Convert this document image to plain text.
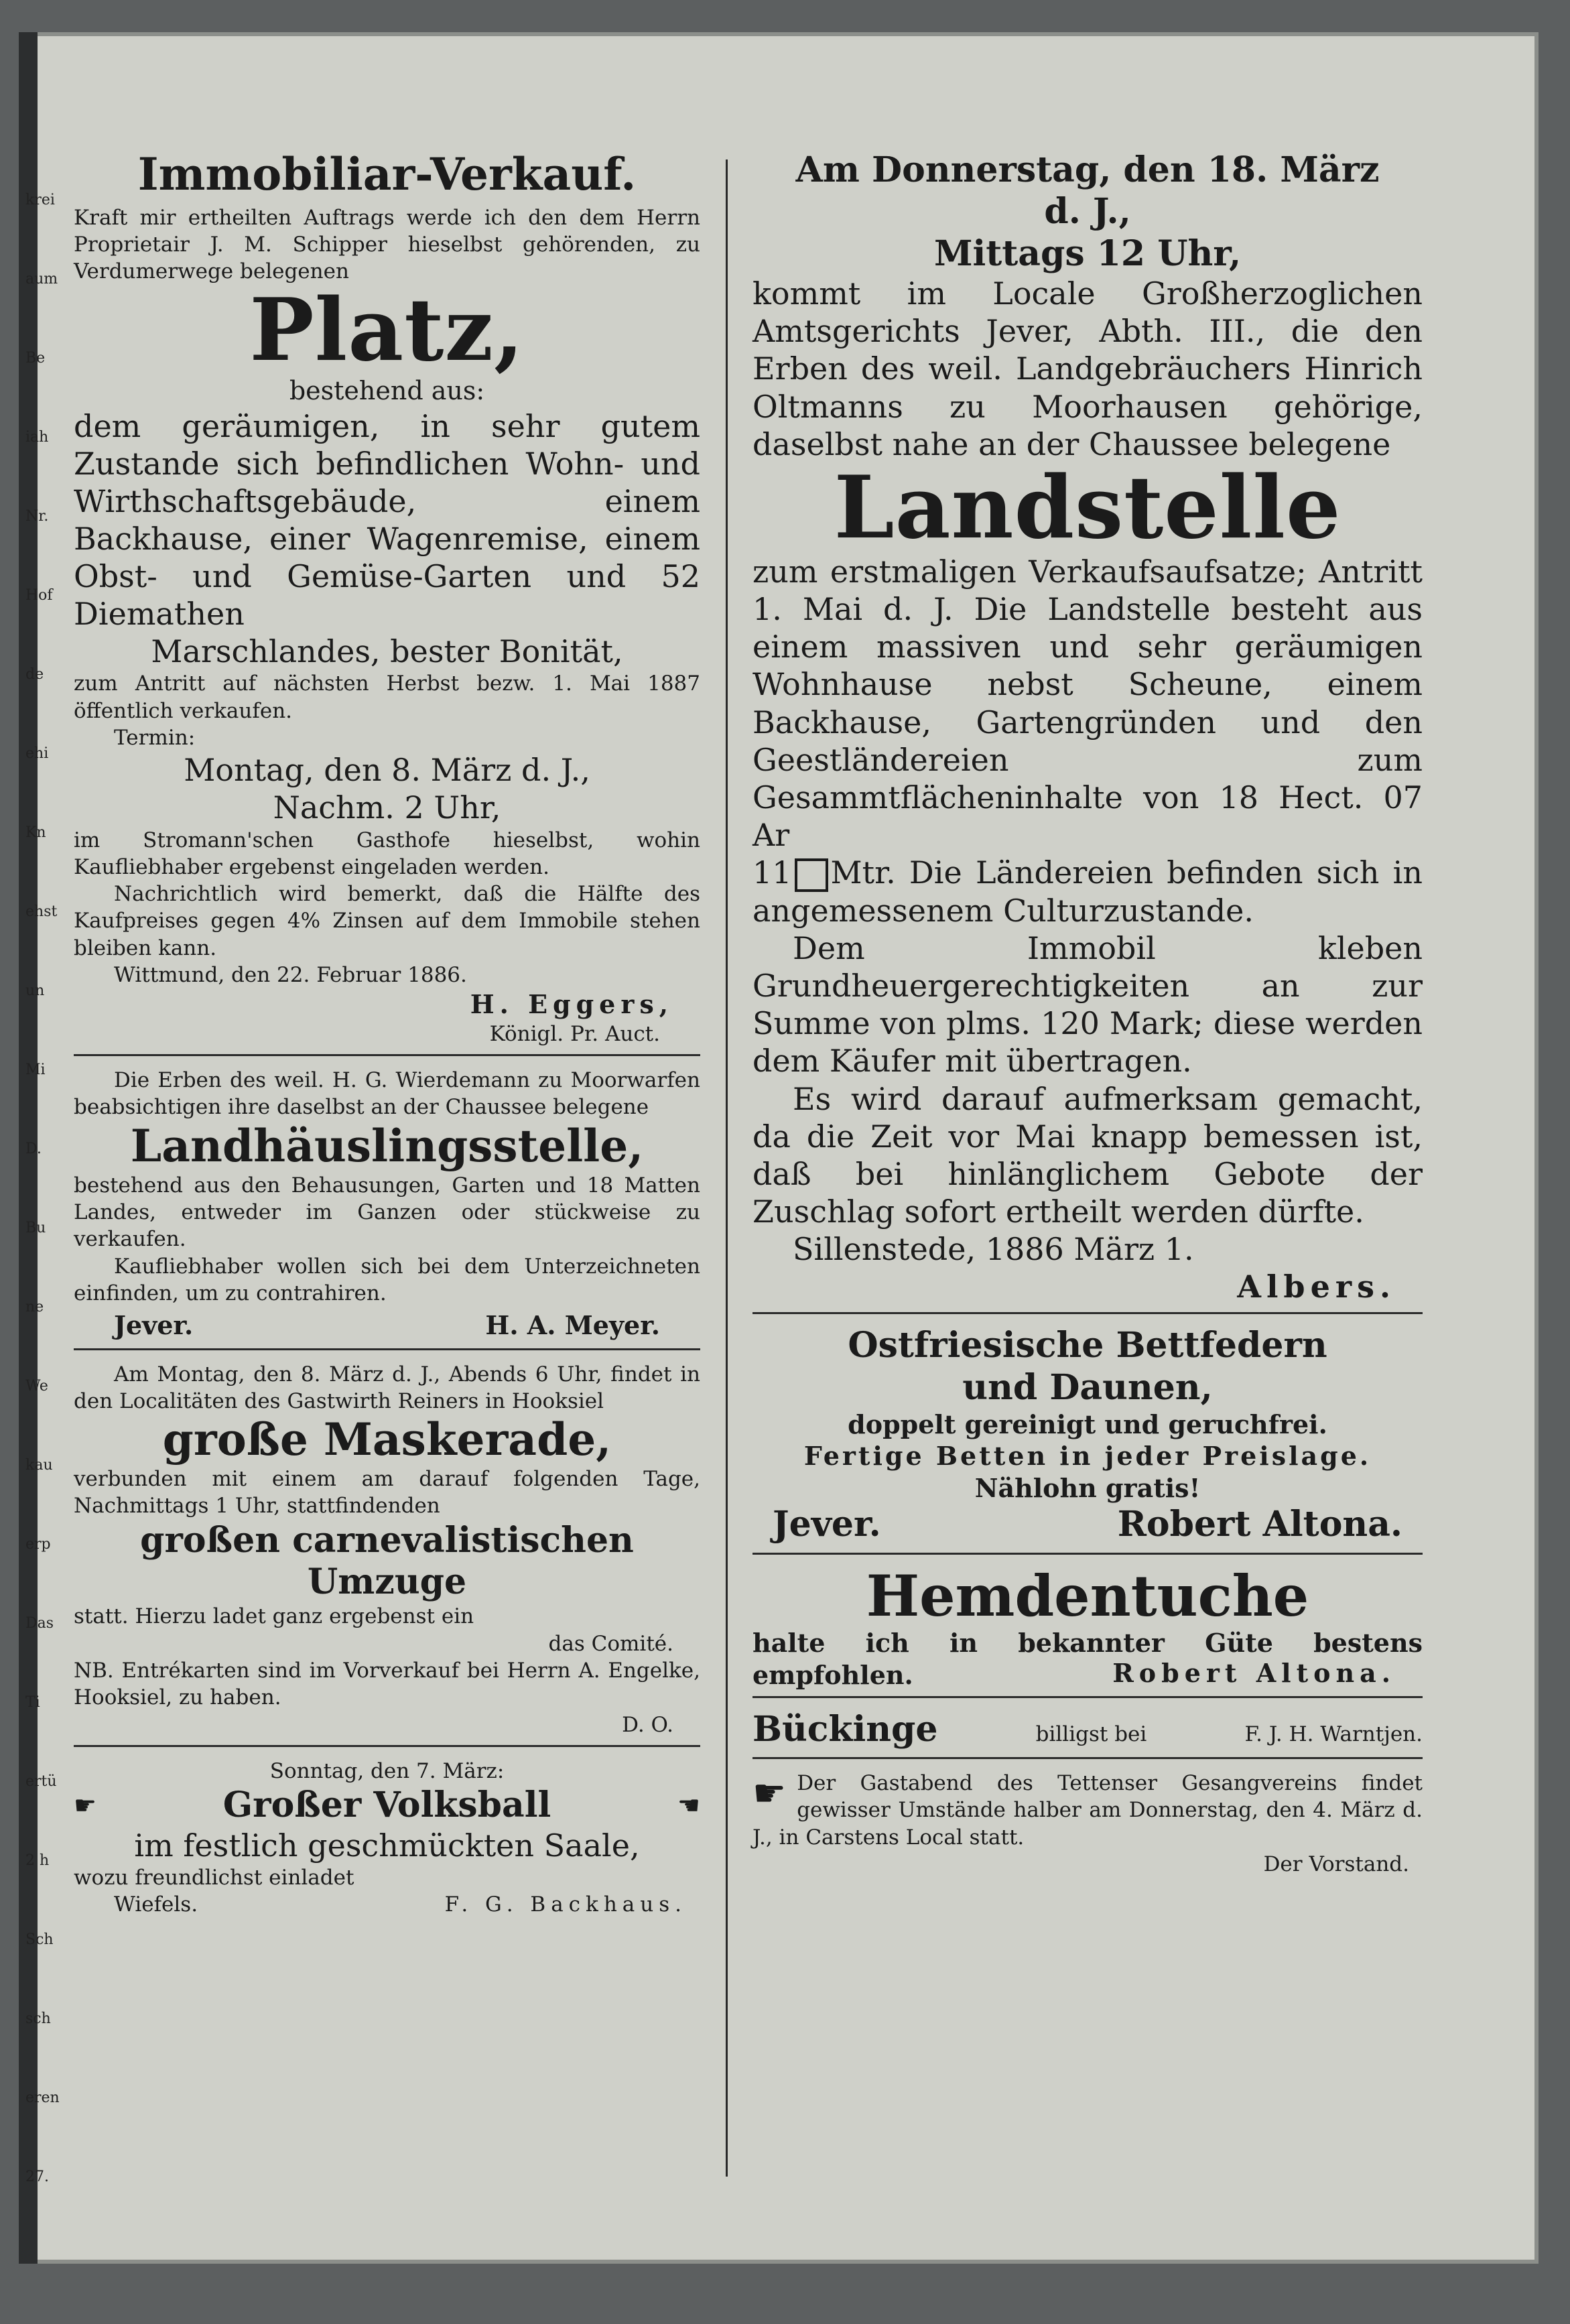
krei
aum
Be
iah
Nr.
Hof
de
ehi
Kn
ehst
un
Mi
D.
Bu
ne
We
kau
erp
Das
Ti
ertü
2 h
Sch
sch
eren
27.
Immobiliar-Verkauf.
Kraft mir ertheilten Auftrags werde ich den dem Herrn Proprietair J. M. Schipper hieselbst gehörenden, zu Verdumerwege belegenen
Platz,
bestehend aus:
dem geräumigen, in sehr gutem Zustande sich befindlichen Wohn- und Wirthschaftsgebäude, einem Backhause, einer Wagenremise, einem Obst- und Gemüse-Garten und 52 Diemathen
Marschlandes, bester Bonität,
zum Antritt auf nächsten Herbst bezw. 1. Mai 1887 öffentlich verkaufen.
Termin:
Montag, den 8. März d. J.,
Nachm. 2 Uhr,
im Stromann'schen Gasthofe hieselbst, wohin Kaufliebhaber ergebenst eingeladen werden.
Nachrichtlich wird bemerkt, daß die Hälfte des Kaufpreises gegen 4% Zinsen auf dem Immobile stehen bleiben kann.
Wittmund, den 22. Februar 1886.
H. Eggers,
Königl. Pr. Auct.
Die Erben des weil. H. G. Wierdemann zu Moorwarfen beabsichtigen ihre daselbst an der Chaussee belegene
Landhäuslingsstelle,
bestehend aus den Behausungen, Garten und 18 Matten Landes, entweder im Ganzen oder stückweise zu verkaufen.
Kaufliebhaber wollen sich bei dem Unterzeichneten einfinden, um zu contrahiren.
Jever.	H. A. Meyer.
Am Montag, den 8. März d. J., Abends 6 Uhr, findet in den Localitäten des Gastwirth Reiners in Hooksiel
große Maskerade,
verbunden mit einem am darauf folgenden Tage, Nachmittags 1 Uhr, stattfindenden
großen carnevalistischen
Umzuge
statt. Hierzu ladet ganz ergebenst ein
das Comité.
NB. Entrékarten sind im Vorverkauf bei Herrn A. Engelke, Hooksiel, zu haben.
D. O.
Sonntag, den 7. März:
☛	Großer Volksball	☚
im festlich geschmückten Saale,
wozu freundlichst einladet
Wiefels.	F. G. Backhaus.
Am Donnerstag, den 18. März
d. J.,
Mittags 12 Uhr,
kommt im Locale Großherzoglichen Amtsgerichts Jever, Abth. III., die den Erben des weil. Landgebräuchers Hinrich Oltmanns zu Moorhausen gehörige, daselbst nahe an der Chaussee belegene
Landstelle
zum erstmaligen Verkaufsaufsatze; Antritt 1. Mai d. J. Die Landstelle besteht aus einem massiven und sehr geräumigen Wohnhause nebst Scheune, einem Backhause, Gartengründen und den Geestländereien zum Gesammtflächeninhalte von 18 Hect. 07 Ar
11 Mtr. Die Ländereien befinden sich in angemessenem Culturzustande.
Dem Immobil kleben Grundheuergerechtigkeiten an zur Summe von plms. 120 Mark; diese werden dem Käufer mit übertragen.
Es wird darauf aufmerksam gemacht, da die Zeit vor Mai knapp bemessen ist, daß bei hinlänglichem Gebote der Zuschlag sofort ertheilt werden dürfte.
Sillenstede, 1886 März 1.
Albers.
Ostfriesische Bettfedern
und Daunen,
doppelt gereinigt und geruchfrei.
Fertige Betten in jeder Preislage.
Nählohn gratis!
Jever.	Robert Altona.
Hemdentuche
halte ich in bekannter Güte bestens empfohlen.	Robert Altona.
Bückinge	billigst bei	F. J. H. Warntjen.
☛ Der Gastabend des Tettenser Gesangvereins findet gewisser Umstände halber am Donnerstag, den 4. März d. J., in Carstens Local statt.
Der Vorstand.
